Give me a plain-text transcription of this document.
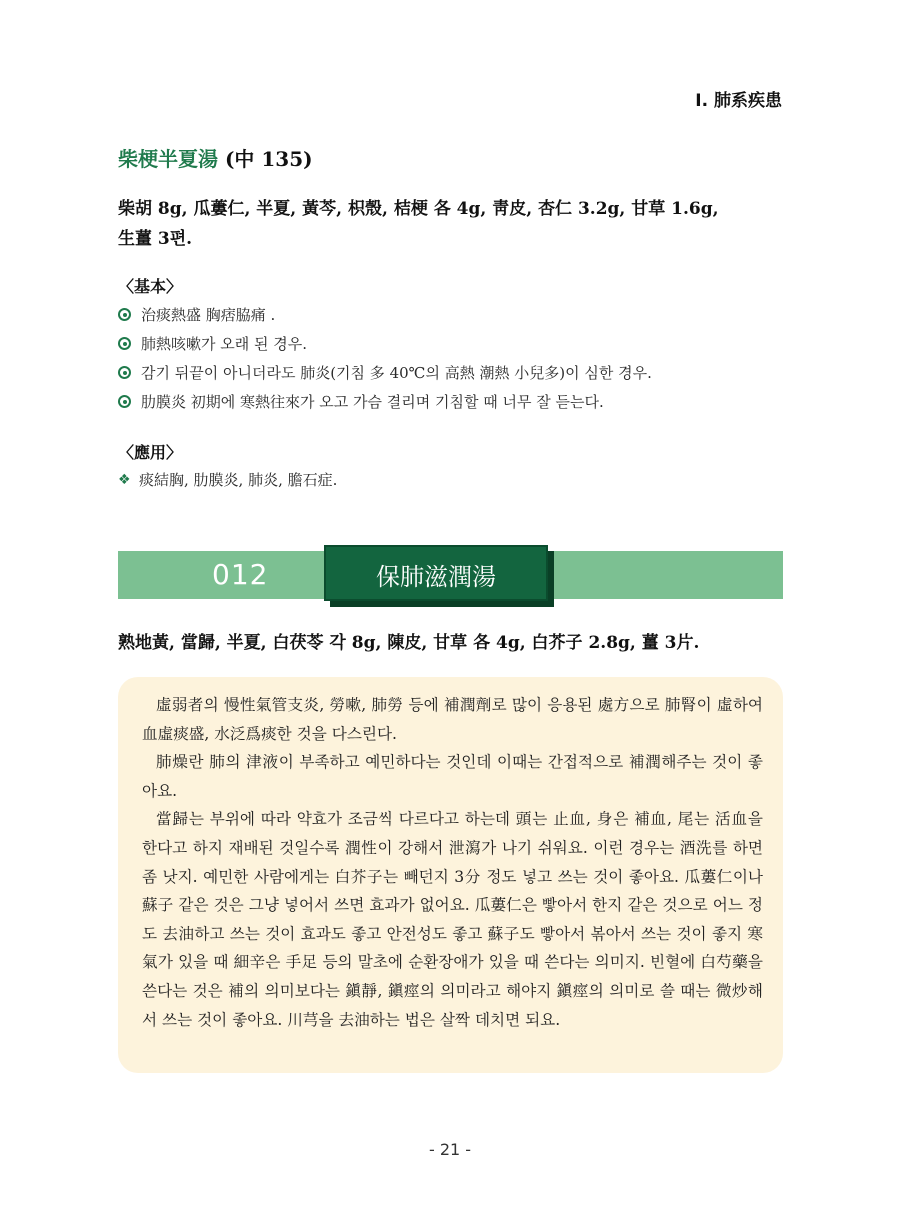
Ⅰ. 肺系疾患
柴梗半夏湯 (中 135)
柴胡 8g, 瓜蔞仁, 半夏, 黃芩, 枳殼, 桔梗 各 4g, 靑皮, 杏仁 3.2g, 甘草 1.6g,
生薑 3편.
〈基本〉
治痰熱盛 胸痞脇痛 .
肺熱咳嗽가 오래 된 경우.
감기 뒤끝이 아니더라도 肺炎(기침 多 40℃의 高熱 潮熱 小兒多)이 심한 경우.
肋膜炎 初期에 寒熱往來가 오고 가슴 결리며 기침할 때 너무 잘 듣는다.
〈應用〉
❖ 痰結胸, 肋膜炎, 肺炎, 膽石症.
012	保肺滋潤湯
熟地黃, 當歸, 半夏, 白茯苓 각 8g, 陳皮, 甘草 各 4g, 白芥子 2.8g, 薑 3片.

虛弱者의 慢性氣管支炎, 勞嗽, 肺勞 등에 補潤劑로 많이 응용된 處方으로 肺腎이 虛하여 血虛痰盛, 水泛爲痰한 것을 다스린다.

肺燥란 肺의 津液이 부족하고 예민하다는 것인데 이때는 간접적으로 補潤해주는 것이 좋아요.

當歸는 부위에 따라 약효가 조금씩 다르다고 하는데 頭는 止血, 身은 補血, 尾는 活血을 한다고 하지 재배된 것일수록 潤性이 강해서 泄瀉가 나기 쉬워요. 이런 경우는 酒洗를 하면 좀 낫지. 예민한 사람에게는 白芥子는 빼던지 3分 정도 넣고 쓰는 것이 좋아요. 瓜蔞仁이나 蘇子 같은 것은 그냥 넣어서 쓰면 효과가 없어요. 瓜蔞仁은 빻아서 한지 같은 것으로 어느 정도 去油하고 쓰는 것이 효과도 좋고 안전성도 좋고 蘇子도 빻아서 볶아서 쓰는 것이 좋지 寒氣가 있을 때 細辛은 手足 등의 말초에 순환장애가 있을 때 쓴다는 의미지. 빈혈에 白芍藥을 쓴다는 것은 補의 의미보다는 鎭靜, 鎭痙의 의미라고 해야지 鎭痙의 의미로 쓸 때는 微炒해서 쓰는 것이 좋아요. 川芎을 去油하는 법은 살짝 데치면 되요.

- 21 -
